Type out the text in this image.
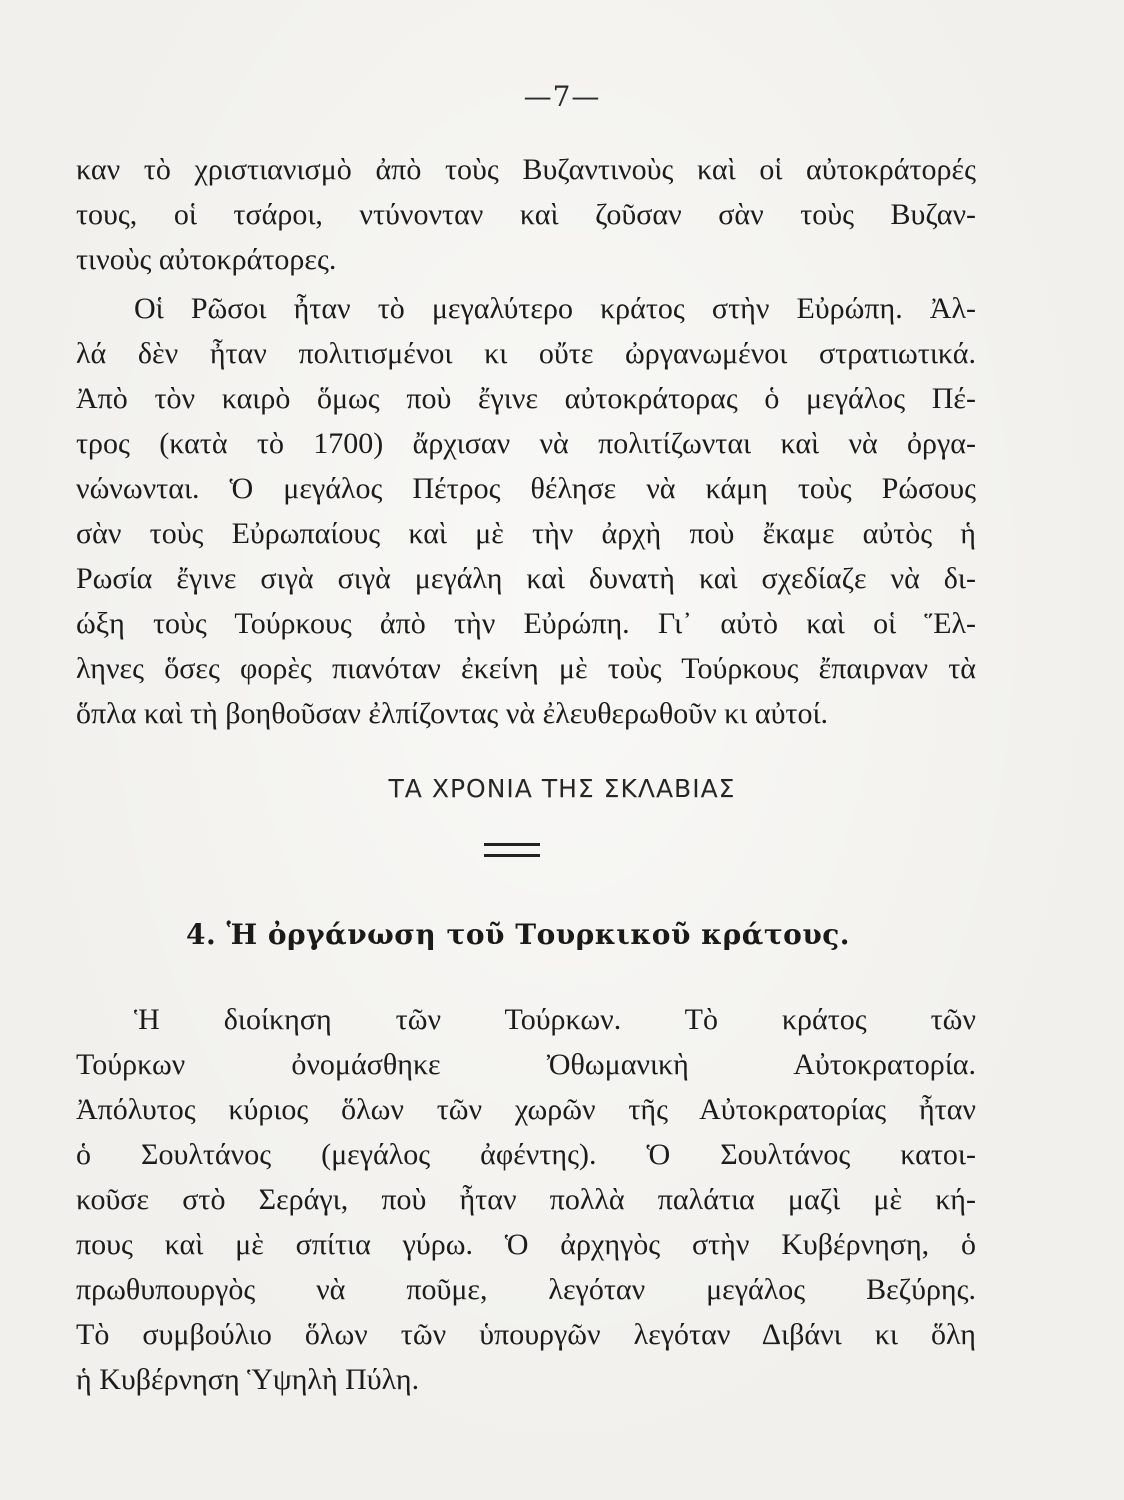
—7—
καν τὸ χριστιανισμὸ ἀπὸ τοὺς Βυζαντινοὺς καὶ οἱ αὐτοκράτορές
τους, οἱ τσάροι, ντύνονταν καὶ ζοῦσαν σὰν τοὺς Βυζαν-
τινοὺς αὐτοκράτορες.
Οἱ Ρῶσοι ἦταν τὸ μεγαλύτερο κράτος στὴν Εὐρώπη. Ἀλ-
λά δὲν ἦταν πολιτισμένοι κι οὔτε ὠργανωμένοι στρατιωτικά.
Ἀπὸ τὸν καιρὸ ὅμως ποὺ ἔγινε αὐτοκράτορας ὁ μεγάλος Πέ-
τρος (κατὰ τὸ 1700) ἄρχισαν νὰ πολιτίζωνται καὶ νὰ ὀργα-
νώνωνται. Ὁ μεγάλος Πέτρος θέλησε νὰ κάμη τοὺς Ρώσους
σὰν τοὺς Εὐρωπαίους καὶ μὲ τὴν ἀρχὴ ποὺ ἔκαμε αὐτὸς ἡ
Ρωσία ἔγινε σιγὰ σιγὰ μεγάλη καὶ δυνατὴ καὶ σχεδίαζε νὰ δι-
ώξη τοὺς Τούρκους ἀπὸ τὴν Εὐρώπη. Γι᾿ αὐτὸ καὶ οἱ Ἕλ-
ληνες ὅσες φορὲς πιανόταν ἐκείνη μὲ τοὺς Τούρκους ἔπαιρναν τὰ
ὅπλα καὶ τὴ βοηθοῦσαν ἐλπίζοντας νὰ ἐλευθερωθοῦν κι αὐτοί.
ΤΑ ΧΡΟΝΙΑ ΤΗΣ ΣΚΛΑΒΙΑΣ
4. Ἡ ὀργάνωση τοῦ Τουρκικοῦ κράτους.
Ἡ διοίκηση τῶν Τούρκων. Τὸ κράτος τῶν
Τούρκων ὀνομάσθηκε Ὀθωμανικὴ Αὐτοκρατορία.
Ἀπόλυτος κύριος ὅλων τῶν χωρῶν τῆς Αὐτοκρατορίας ἦταν
ὁ Σουλτάνος (μεγάλος ἀφέντης). Ὁ Σουλτάνος κατοι-
κοῦσε στὸ Σεράγι, ποὺ ἦταν πολλὰ παλάτια μαζὶ μὲ κή-
πους καὶ μὲ σπίτια γύρω. Ὁ ἀρχηγὸς στὴν Κυβέρνηση, ὁ
πρωθυπουργὸς νὰ ποῦμε, λεγόταν μεγάλος Βεζύρης.
Τὸ συμβούλιο ὅλων τῶν ὑπουργῶν λεγόταν Διβάνι κι ὅλη
ἡ Κυβέρνηση Ὑψηλὴ Πύλη.
